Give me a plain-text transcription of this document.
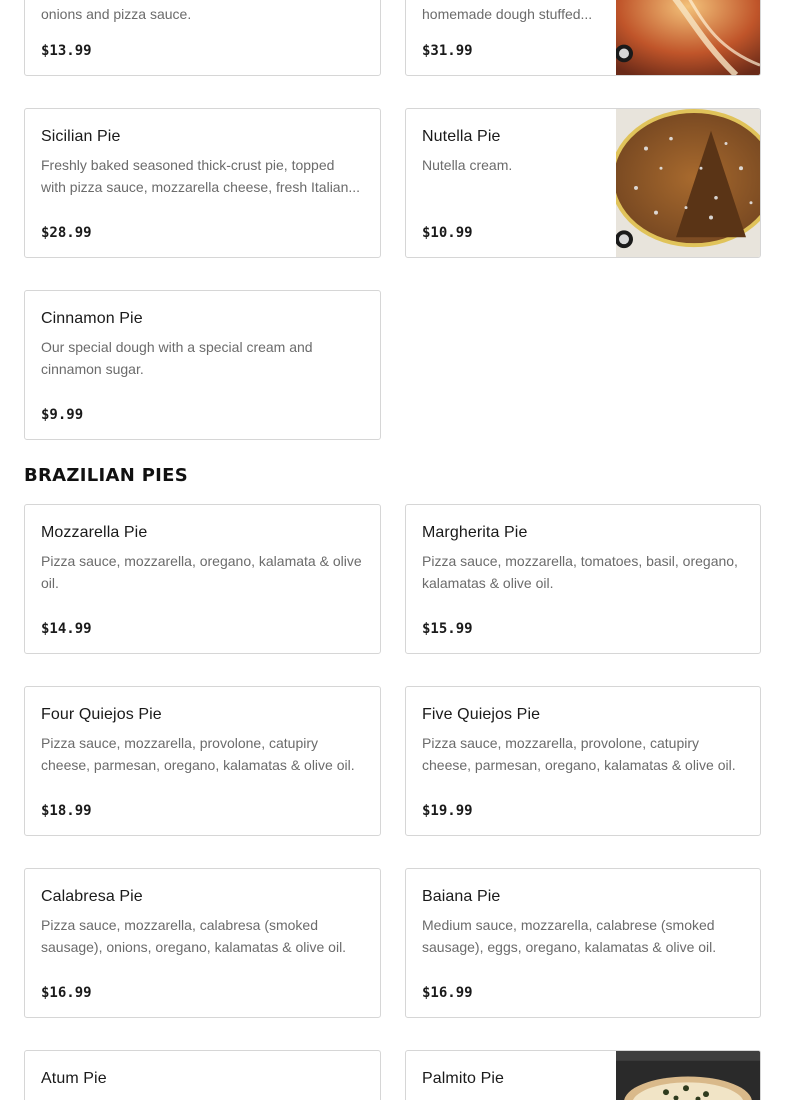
onions and pizza sauce.
$13.99
homemade dough stuffed...
$31.99
Sicilian Pie
Freshly baked seasoned thick-crust pie, topped with pizza sauce, mozzarella cheese, fresh Italian...
$28.99
Nutella Pie
Nutella cream.
$10.99
Cinnamon Pie
Our special dough with a special cream and cinnamon sugar.
$9.99
BRAZILIAN PIES
Mozzarella Pie
Pizza sauce, mozzarella, oregano, kalamata & olive oil.
$14.99
Margherita Pie
Pizza sauce, mozzarella, tomatoes, basil, oregano, kalamatas & olive oil.
$15.99
Four Quiejos Pie
Pizza sauce, mozzarella, provolone, catupiry cheese, parmesan, oregano, kalamatas & olive oil.
$18.99
Five Quiejos Pie
Pizza sauce, mozzarella, provolone, catupiry cheese, parmesan, oregano, kalamatas & olive oil.
$19.99
Calabresa Pie
Pizza sauce, mozzarella, calabresa (smoked sausage), onions, oregano, kalamatas & olive oil.
$16.99
Baiana Pie
Medium sauce, mozzarella, calabrese (smoked sausage), eggs, oregano, kalamatas & olive oil.
$16.99
Atum Pie	Palmito Pie
